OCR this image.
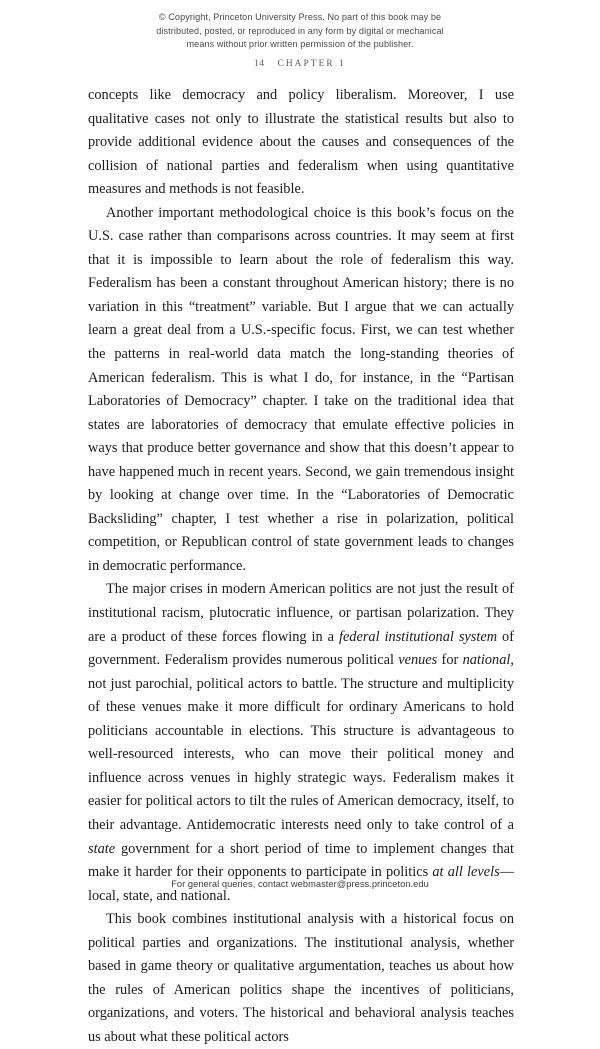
© Copyright, Princeton University Press. No part of this book may be
distributed, posted, or reproduced in any form by digital or mechanical
means without prior written permission of the publisher.
14 CHAPTER 1

concepts like democracy and policy liberalism. Moreover, I use qualitative cases not only to illustrate the statistical results but also to provide additional evidence about the causes and consequences of the collision of national parties and federalism when using quantitative measures and methods is not feasible.

Another important methodological choice is this book’s focus on the U.S. case rather than comparisons across countries. It may seem at first that it is impossible to learn about the role of federalism this way. Federalism has been a constant throughout American history; there is no variation in this “treatment” variable. But I argue that we can actually learn a great deal from a U.S.-specific focus. First, we can test whether the patterns in real-world data match the long-standing theories of American federalism. This is what I do, for instance, in the “Partisan Laboratories of Democracy” chapter. I take on the traditional idea that states are laboratories of democracy that emulate effective policies in ways that produce better governance and show that this doesn’t appear to have happened much in recent years. Second, we gain tremendous insight by looking at change over time. In the “Laboratories of Democratic Backsliding” chapter, I test whether a rise in polarization, political competition, or Republican control of state government leads to changes in democratic performance.

The major crises in modern American politics are not just the result of institutional racism, plutocratic influence, or partisan polarization. They are a product of these forces flowing in a federal institutional system of government. Federalism provides numerous political venues for national, not just parochial, political actors to battle. The structure and multiplicity of these venues make it more difficult for ordinary Americans to hold politicians accountable in elections. This structure is advantageous to well-resourced interests, who can move their political money and influence across venues in highly strategic ways. Federalism makes it easier for political actors to tilt the rules of American democracy, itself, to their advantage. Antidemocratic interests need only to take control of a state government for a short period of time to implement changes that make it harder for their opponents to participate in politics at all levels—local, state, and national.

This book combines institutional analysis with a historical focus on political parties and organizations. The institutional analysis, whether based in game theory or qualitative argumentation, teaches us about how the rules of American politics shape the incentives of politicians, organizations, and voters. The historical and behavioral analysis teaches us about what these political actors

For general queries, contact webmaster@press.princeton.edu
